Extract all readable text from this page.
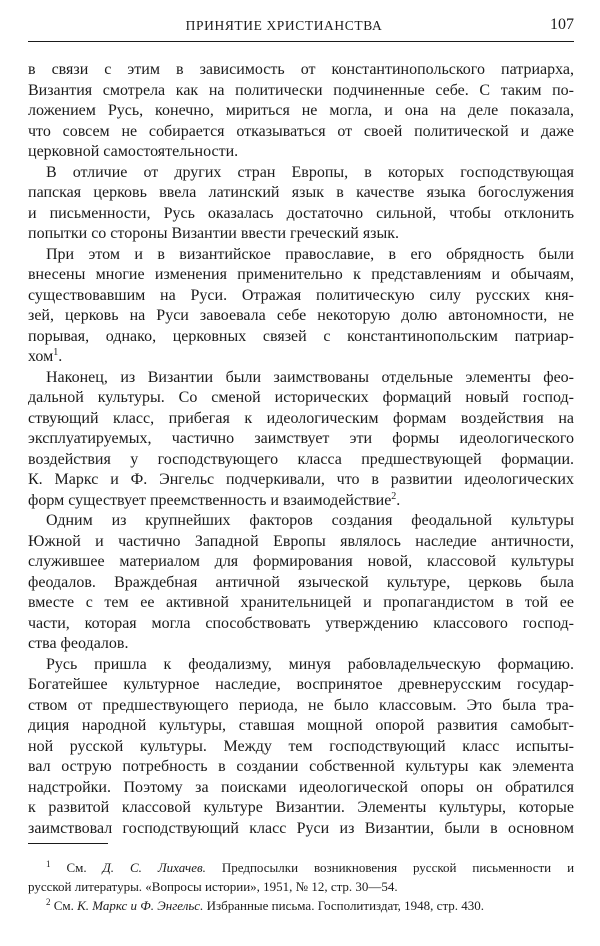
ПРИНЯТИЕ ХРИСТИАНСТВА	107
в связи с этим в зависимость от константинопольского патриарха,
Византия смотрела как на политически подчиненные себе. С таким по-
ложением Русь, конечно, мириться не могла, и она на деле показала,
что совсем не собирается отказываться от своей политической и даже
церковной самостоятельности.
В отличие от других стран Европы, в которых господствующая
папская церковь ввела латинский язык в качестве языка богослужения
и письменности, Русь оказалась достаточно сильной, чтобы отклонить
попытки со стороны Византии ввести греческий язык.
При этом и в византийское православие, в его обрядность были
внесены многие изменения применительно к представлениям и обычаям,
существовавшим на Руси. Отражая политическую силу русских кня-
зей, церковь на Руси завоевала себе некоторую долю автономности, не
порывая, однако, церковных связей с константинопольским патриар-
хом$^1$.
Наконец, из Византии были заимствованы отдельные элементы фео-
дальной культуры. Со сменой исторических формаций новый господ-
ствующий класс, прибегая к идеологическим формам воздействия на
эксплуатируемых, частично заимствует эти формы идеологического
воздействия у господствующего класса предшествующей формации.
К. Маркс и Ф. Энгельс подчеркивали, что в развитии идеологических
форм существует преемственность и взаимодействие$^2$.
Одним из крупнейших факторов создания феодальной культуры
Южной и частично Западной Европы являлось наследие античности,
служившее материалом для формирования новой, классовой культуры
феодалов. Враждебная античной языческой культуре, церковь была
вместе с тем ее активной хранительницей и пропагандистом в той ее
части, которая могла способствовать утверждению классового господ-
ства феодалов.
Русь пришла к феодализму, минуя рабовладельческую формацию.
Богатейшее культурное наследие, воспринятое древнерусским государ-
ством от предшествующего периода, не было классовым. Это была тра-
диция народной культуры, ставшая мощной опорой развития самобыт-
ной русской культуры. Между тем господствующий класс испыты-
вал острую потребность в создании собственной культуры как элемента
надстройки. Поэтому за поисками идеологической опоры он обратился
к развитой классовой культуре Византии. Элементы культуры, которые
заимствовал господствующий класс Руси из Византии, были в основном
$^1$ См. Д. С. Лихачев. Предпосылки возникновения русской письменности и
русской литературы. «Вопросы истории», 1951, № 12, стр. 30—54.
$^2$ См. К. Маркс и Ф. Энгельс. Избранные письма. Госполитиздат, 1948, стр. 430.
